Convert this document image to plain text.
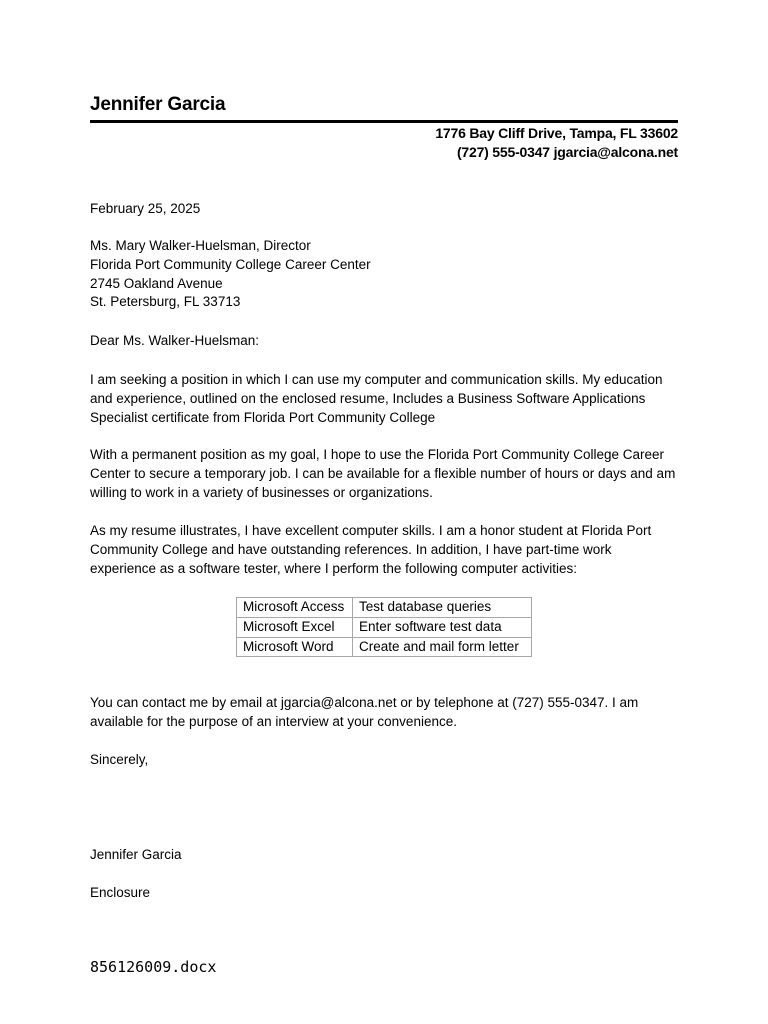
Jennifer Garcia
1776 Bay Cliff Drive, Tampa, FL 33602
(727) 555-0347 jgarcia@alcona.net
February 25, 2025
Ms. Mary Walker-Huelsman, Director
Florida Port Community College Career Center
2745 Oakland Avenue
St. Petersburg, FL 33713
Dear Ms. Walker-Huelsman:
I am seeking a position in which I can use my computer and communication skills. My education and experience, outlined on the enclosed resume, Includes a Business Software Applications Specialist certificate from Florida Port Community College
With a permanent position as my goal, I hope to use the Florida Port Community College Career Center to secure a temporary job. I can be available for a flexible number of hours or days and am willing to work in a variety of businesses or organizations.
As my resume illustrates, I have excellent computer skills. I am a honor student at Florida Port Community College and have outstanding references. In addition, I have part-time work experience as a software tester, where I perform the following computer activities:
Microsoft Access	Test database queries
Microsoft Excel	Enter software test data
Microsoft Word	Create and mail form letter
You can contact me by email at jgarcia@alcona.net or by telephone at (727) 555-0347. I am available for the purpose of an interview at your convenience.
Sincerely,
Jennifer Garcia
Enclosure
856126009.docx
